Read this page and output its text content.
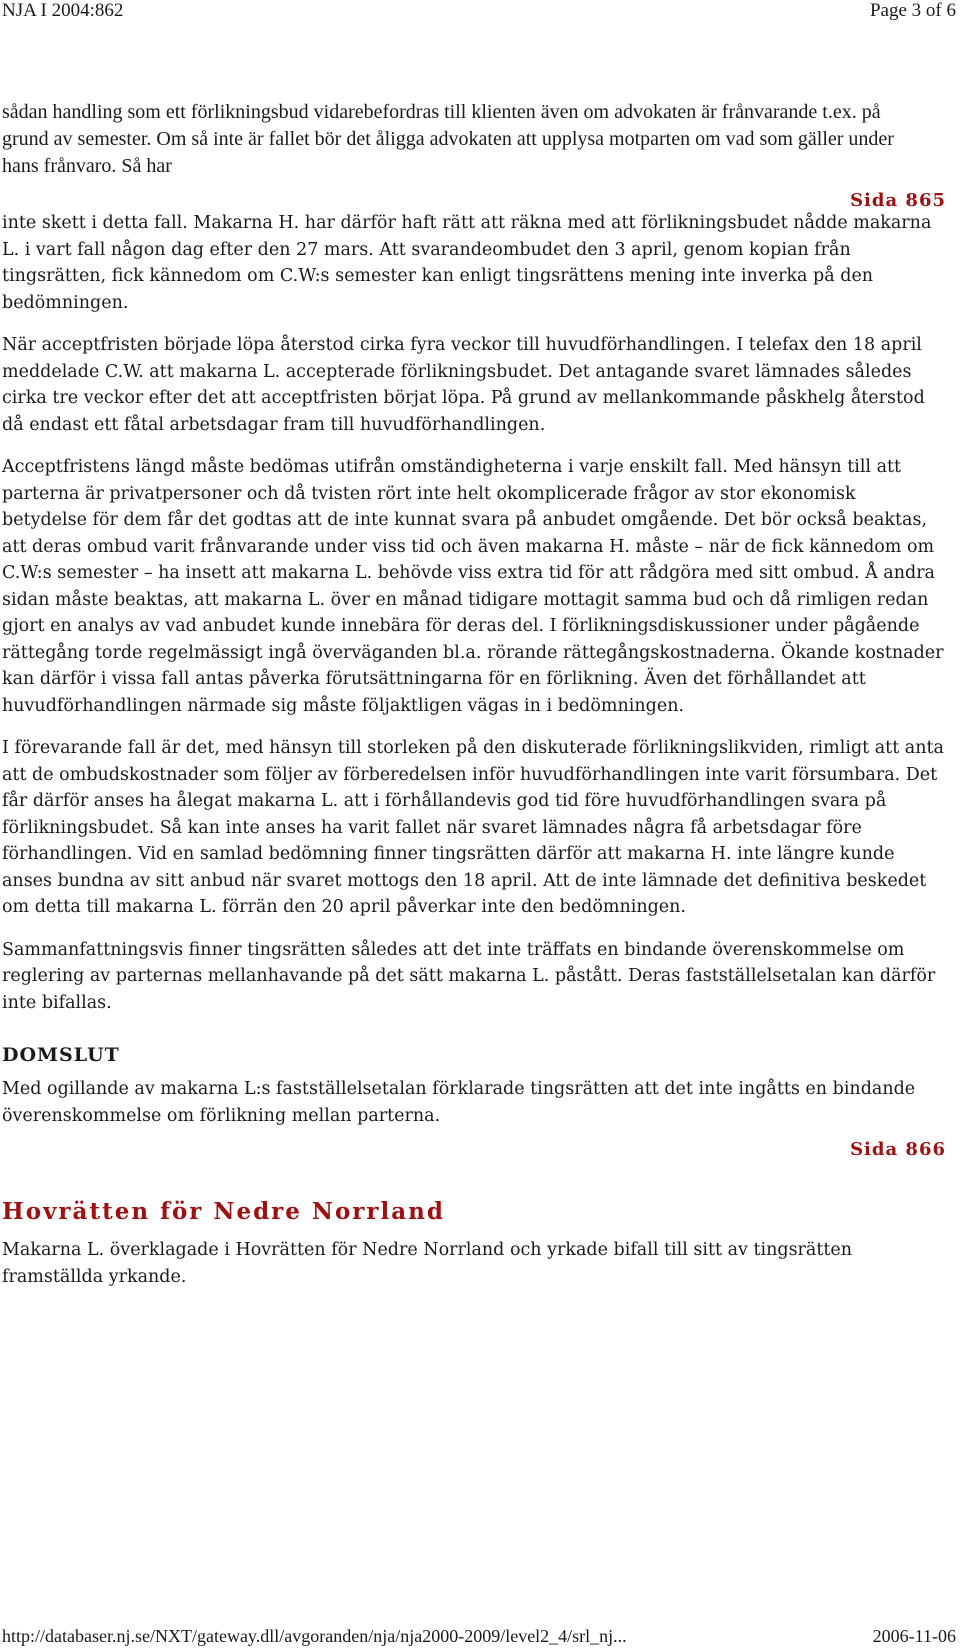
NJA I 2004:862	Page 3 of 6

sådan handling som ett förlikningsbud vidarebefordras till klienten även om advokaten är frånvarande t.ex. på grund av semester. Om så inte är fallet bör det åligga advokaten att upplysa motparten om vad som gäller under hans frånvaro. Så har

Sida 865

inte skett i detta fall. Makarna H. har därför haft rätt att räkna med att förlikningsbudet nådde makarna L. i vart fall någon dag efter den 27 mars. Att svarandeombudet den 3 april, genom kopian från tingsrätten, fick kännedom om C.W:s semester kan enligt tingsrättens mening inte inverka på den bedömningen.

När acceptfristen började löpa återstod cirka fyra veckor till huvudförhandlingen. I telefax den 18 april meddelade C.W. att makarna L. accepterade förlikningsbudet. Det antagande svaret lämnades således cirka tre veckor efter det att acceptfristen börjat löpa. På grund av mellankommande påskhelg återstod då endast ett fåtal arbetsdagar fram till huvudförhandlingen.

Acceptfristens längd måste bedömas utifrån omständigheterna i varje enskilt fall. Med hänsyn till att parterna är privatpersoner och då tvisten rört inte helt okomplicerade frågor av stor ekonomisk betydelse för dem får det godtas att de inte kunnat svara på anbudet omgående. Det bör också beaktas, att deras ombud varit frånvarande under viss tid och även makarna H. måste – när de fick kännedom om C.W:s semester – ha insett att makarna L. behövde viss extra tid för att rådgöra med sitt ombud. Å andra sidan måste beaktas, att makarna L. över en månad tidigare mottagit samma bud och då rimligen redan gjort en analys av vad anbudet kunde innebära för deras del. I förlikningsdiskussioner under pågående rättegång torde regelmässigt ingå överväganden bl.a. rörande rättegångskostnaderna. Ökande kostnader kan därför i vissa fall antas påverka förutsättningarna för en förlikning. Även det förhållandet att huvudförhandlingen närmade sig måste följaktligen vägas in i bedömningen.

I förevarande fall är det, med hänsyn till storleken på den diskuterade förlikningslikviden, rimligt att anta att de ombudskostnader som följer av förberedelsen inför huvudförhandlingen inte varit försumbara. Det får därför anses ha ålegat makarna L. att i förhållandevis god tid före huvudförhandlingen svara på förlikningsbudet. Så kan inte anses ha varit fallet när svaret lämnades några få arbetsdagar före förhandlingen. Vid en samlad bedömning finner tingsrätten därför att makarna H. inte längre kunde anses bundna av sitt anbud när svaret mottogs den 18 april. Att de inte lämnade det definitiva beskedet om detta till makarna L. förrän den 20 april påverkar inte den bedömningen.

Sammanfattningsvis finner tingsrätten således att det inte träffats en bindande överenskommelse om reglering av parternas mellanhavande på det sätt makarna L. påstått. Deras fastställelsetalan kan därför inte bifallas.

DOMSLUT

Med ogillande av makarna L:s fastställelsetalan förklarade tingsrätten att det inte ingåtts en bindande överenskommelse om förlikning mellan parterna.

Sida 866
Hovrätten för Nedre Norrland

Makarna L. överklagade i Hovrätten för Nedre Norrland och yrkade bifall till sitt av tingsrätten framställda yrkande.

http://databaser.nj.se/NXT/gateway.dll/avgoranden/nja/nja2000-2009/level2_4/srl_nj...	2006-11-06
